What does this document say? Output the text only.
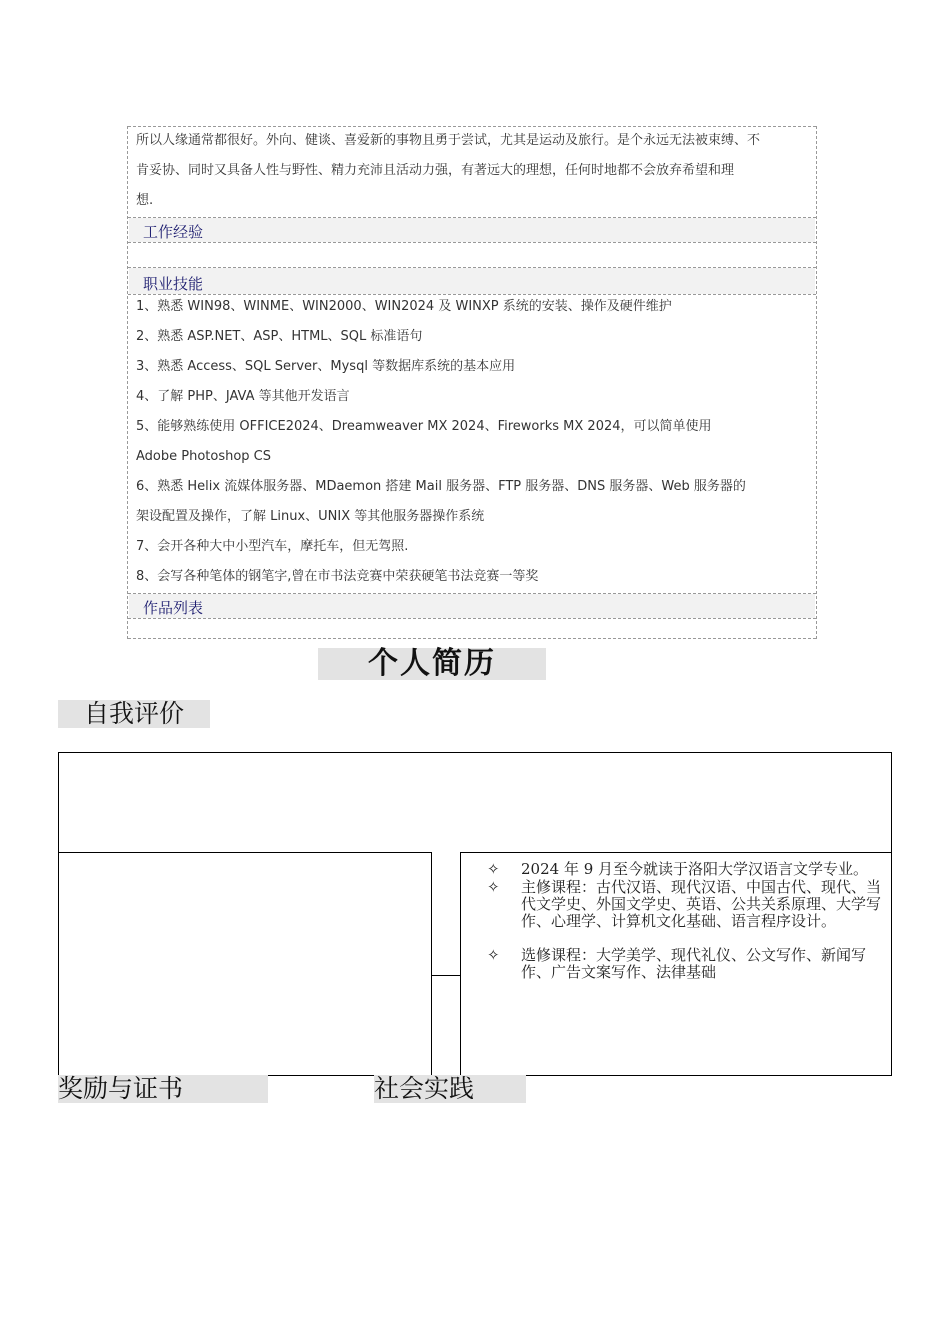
所以人缘通常都很好。外向、健谈、喜爱新的事物且勇于尝试，尤其是运动及旅行。是个永远无法被束缚、不
肯妥协、同时又具备人性与野性、精力充沛且活动力强，有著远大的理想，任何时地都不会放弃希望和理
想.
工作经验
职业技能
1、熟悉 WIN98、WINME、WIN2000、WIN2024 及 WINXP 系统的安装、操作及硬件维护
2、熟悉 ASP.NET、ASP、HTML、SQL 标准语句
3、熟悉 Access、SQL Server、Mysql 等数据库系统的基本应用
4、了解 PHP、JAVA 等其他开发语言
5、能够熟练使用 OFFICE2024、Dreamweaver MX 2024、Fireworks MX 2024，可以简单使用
Adobe Photoshop CS
6、熟悉 Helix 流媒体服务器、MDaemon 搭建 Mail 服务器、FTP 服务器、DNS 服务器、Web 服务器的
架设配置及操作，了解 Linux、UNIX 等其他服务器操作系统
7、会开各种大中小型汽车，摩托车，但无驾照.
8、会写各种笔体的钢笔字,曾在市书法竞赛中荣获硬笔书法竞赛一等奖
作品列表
个人简历
自我评价
✧ 2024 年 9 月至今就读于洛阳大学汉语言文学专业。
✧ 主修课程：古代汉语、现代汉语、中国古代、现代、当代文学史、外国文学史、英语、公共关系原理、大学写作、心理学、计算机文化基础、语言程序设计。
✧ 选修课程：大学美学、现代礼仪、公文写作、新闻写作、广告文案写作、法律基础
奖励与证书	社会实践
